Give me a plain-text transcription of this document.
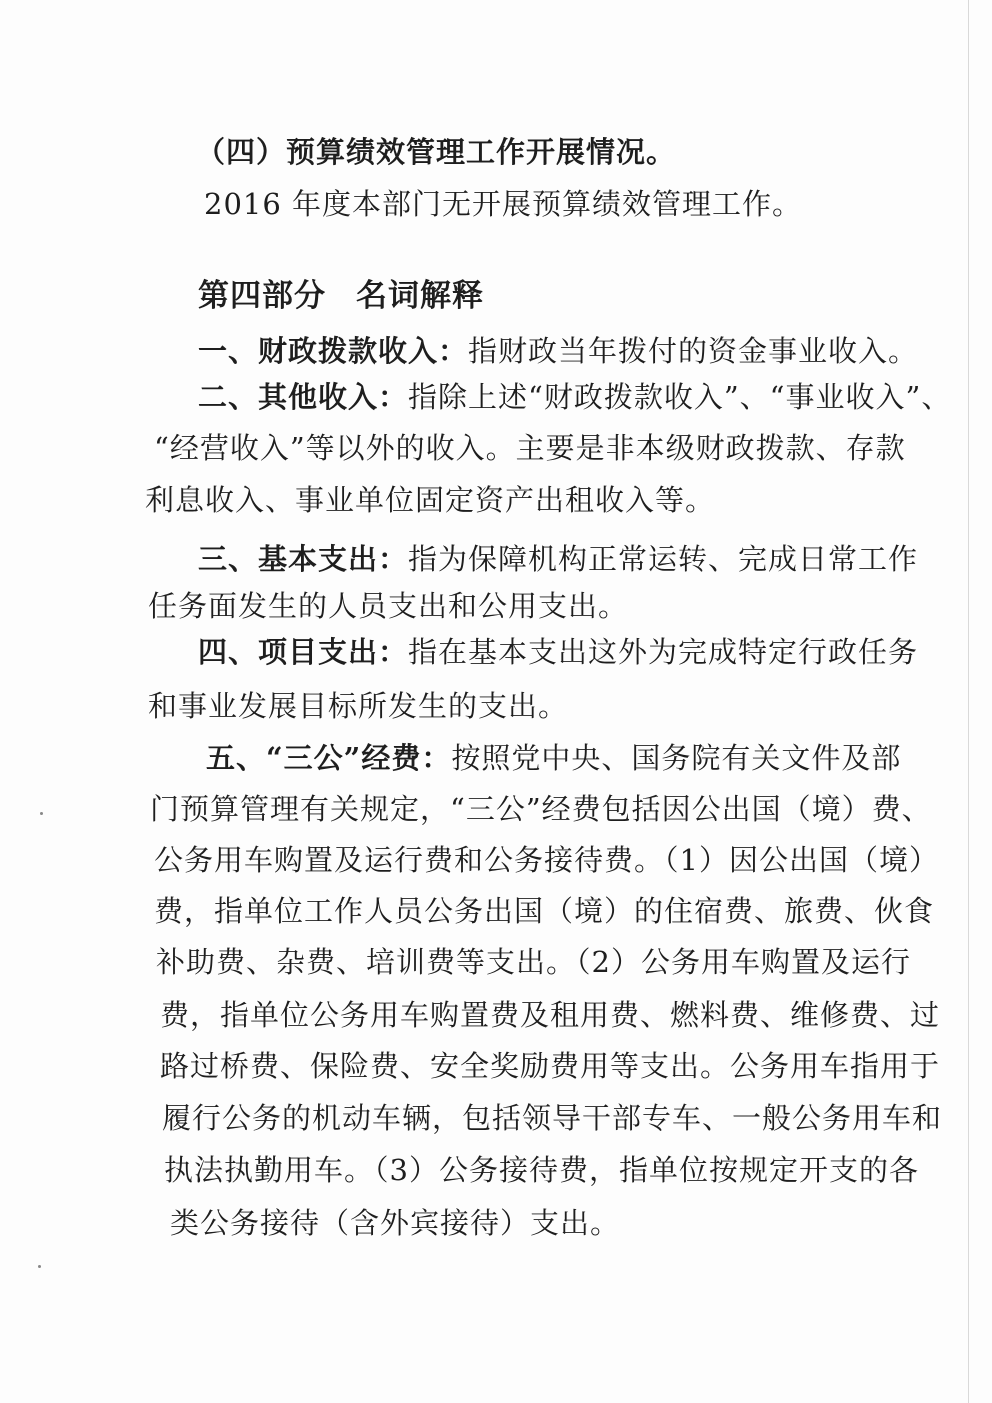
（四）预算绩效管理工作开展情况。
2016 年度本部门无开展预算绩效管理工作。
第四部分 名词解释
一、财政拨款收入：指财政当年拨付的资金事业收入。
二、其他收入：指除上述“财政拨款收入”、“事业收入”、
“经营收入”等以外的收入。主要是非本级财政拨款、存款
利息收入、事业单位固定资产出租收入等。
三、基本支出：指为保障机构正常运转、完成日常工作
任务面发生的人员支出和公用支出。
四、项目支出：指在基本支出这外为完成特定行政任务
和事业发展目标所发生的支出。
五、“三公”经费：按照党中央、国务院有关文件及部
门预算管理有关规定，“三公”经费包括因公出国（境）费、
公务用车购置及运行费和公务接待费。（1）因公出国（境）
费，指单位工作人员公务出国（境）的住宿费、旅费、伙食
补助费、杂费、培训费等支出。（2）公务用车购置及运行
费，指单位公务用车购置费及租用费、燃料费、维修费、过
路过桥费、保险费、安全奖励费用等支出。公务用车指用于
履行公务的机动车辆，包括领导干部专车、一般公务用车和
执法执勤用车。（3）公务接待费，指单位按规定开支的各
类公务接待（含外宾接待）支出。
